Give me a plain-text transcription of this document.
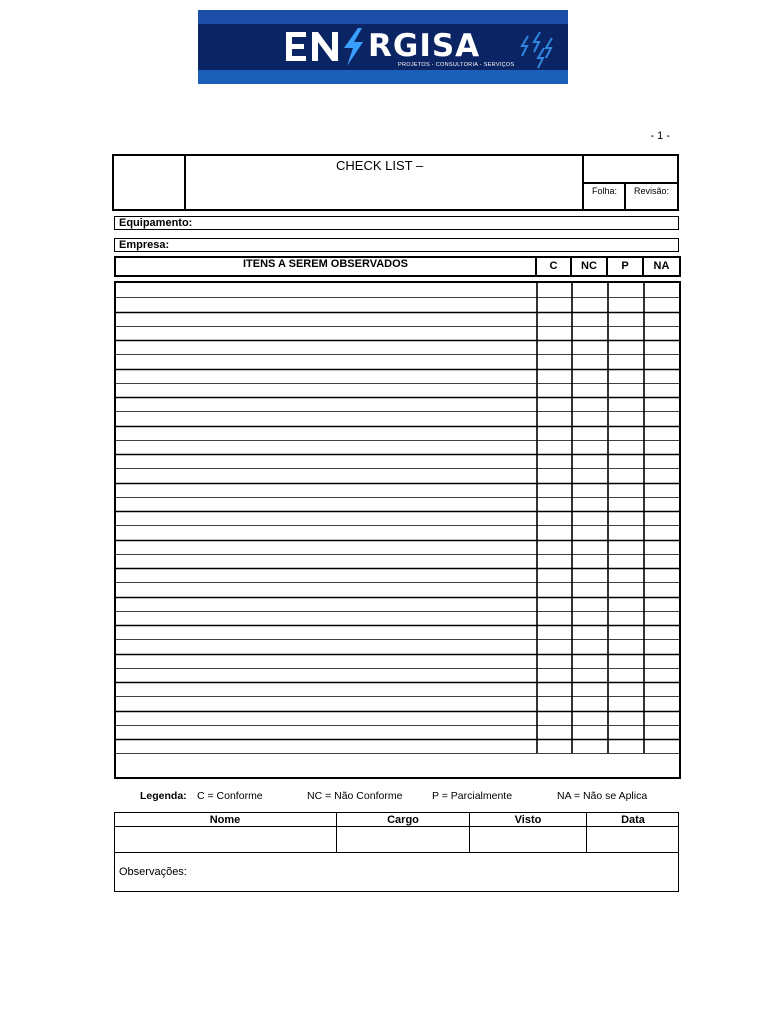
RGISA
PROJETOS - CONSULTORIA - SERVIÇOS
- 1 -
CHECK LIST –
Folha: Revisão:
Equipamento:
Empresa:
ITENS A SEREM OBSERVADOS	C	NC	P	NA
Legenda: C = Conforme	NC = Não Conforme	P = Parcialmente	NA = Não se Aplica
Nome	Cargo	Visto	Data
Observações:
